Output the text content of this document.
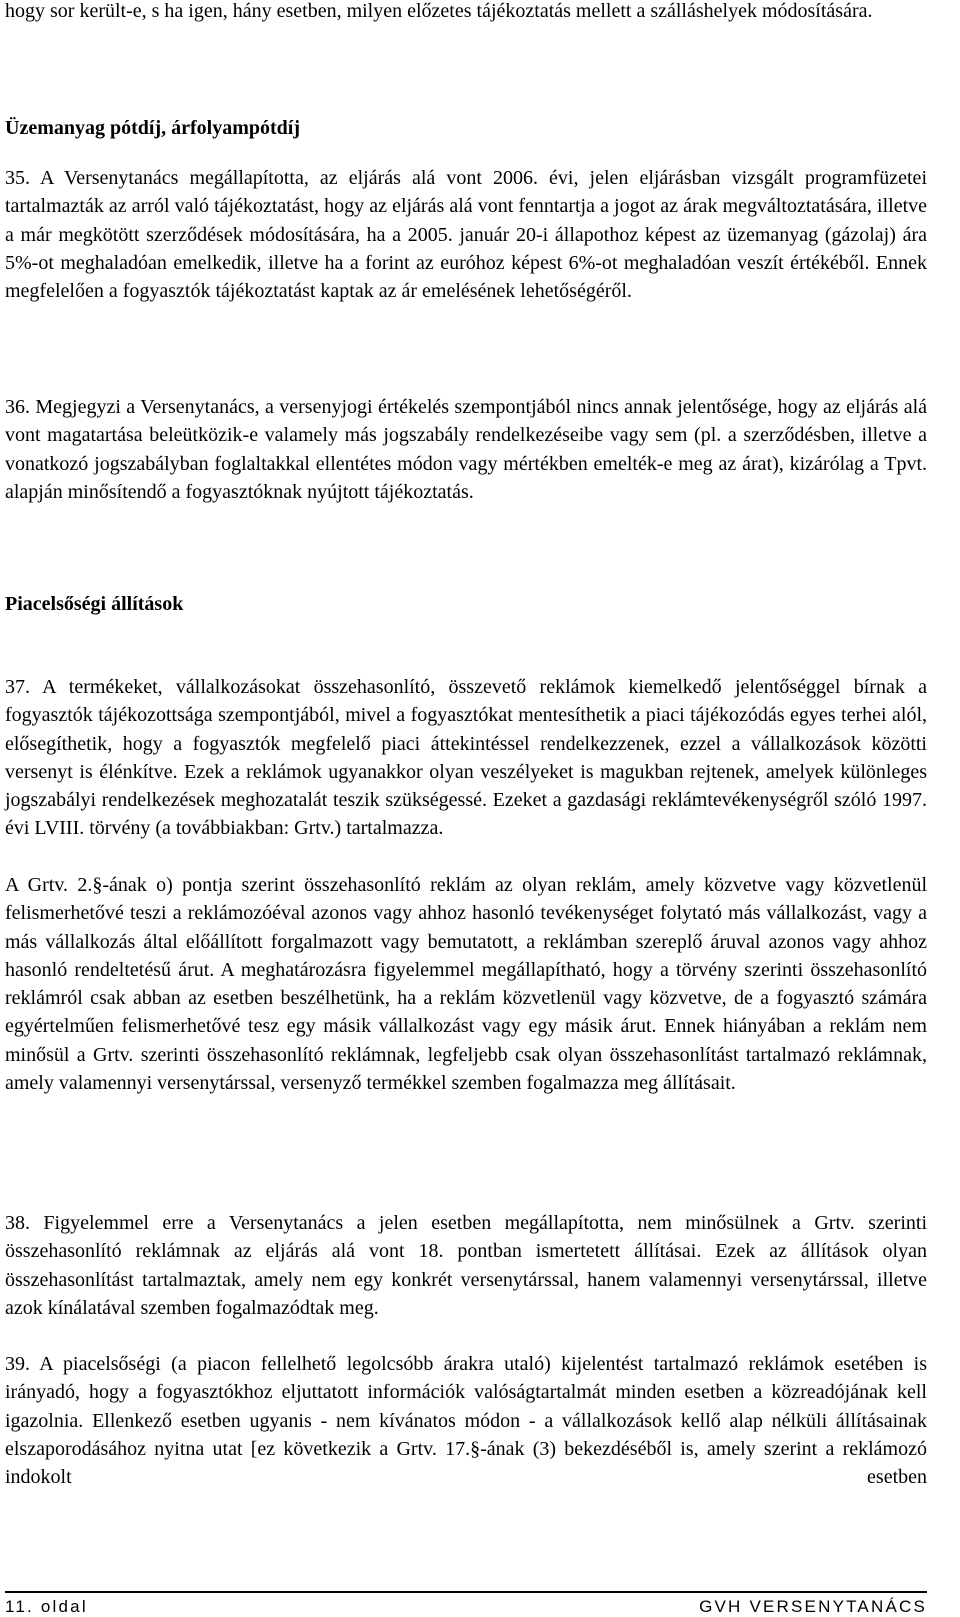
hogy sor került-e, s ha igen, hány esetben, milyen előzetes tájékoztatás mellett a szálláshelyek módosítására.

Üzemanyag pótdíj, árfolyampótdíj

35. A Versenytanács megállapította, az eljárás alá vont 2006. évi, jelen eljárásban vizsgált programfüzetei tartalmazták az arról való tájékoztatást, hogy az eljárás alá vont fenntartja a jogot az árak megváltoztatására, illetve a már megkötött szerződések módosítására, ha a 2005. január 20-i állapothoz képest az üzemanyag (gázolaj) ára 5%-ot meghaladóan emelkedik, illetve ha a forint az euróhoz képest 6%-ot meghaladóan veszít értékéből. Ennek megfelelően a fogyasztók tájékoztatást kaptak az ár emelésének lehetőségéről.

36. Megjegyzi a Versenytanács, a versenyjogi értékelés szempontjából nincs annak jelentősége, hogy az eljárás alá vont magatartása beleütközik-e valamely más jogszabály rendelkezéseibe vagy sem (pl. a szerződésben, illetve a vonatkozó jogszabályban foglaltakkal ellentétes módon vagy mértékben emelték-e meg az árat), kizárólag a Tpvt. alapján minősítendő a fogyasztóknak nyújtott tájékoztatás.

Piacelsőségi állítások

37. A termékeket, vállalkozásokat összehasonlító, összevető reklámok kiemelkedő jelentőséggel bírnak a fogyasztók tájékozottsága szempontjából, mivel a fogyasztókat mentesíthetik a piaci tájékozódás egyes terhei alól, elősegíthetik, hogy a fogyasztók megfelelő piaci áttekintéssel rendelkezzenek, ezzel a vállalkozások közötti versenyt is élénkítve. Ezek a reklámok ugyanakkor olyan veszélyeket is magukban rejtenek, amelyek különleges jogszabályi rendelkezések meghozatalát teszik szükségessé. Ezeket a gazdasági reklámtevékenységről szóló 1997. évi LVIII. törvény (a továbbiakban: Grtv.) tartalmazza.

A Grtv. 2.§-ának o) pontja szerint összehasonlító reklám az olyan reklám, amely közvetve vagy közvetlenül felismerhetővé teszi a reklámozóéval azonos vagy ahhoz hasonló tevékenységet folytató más vállalkozást, vagy a más vállalkozás által előállított forgalmazott vagy bemutatott, a reklámban szereplő áruval azonos vagy ahhoz hasonló rendeltetésű árut. A meghatározásra figyelemmel megállapítható, hogy a törvény szerinti összehasonlító reklámról csak abban az esetben beszélhetünk, ha a reklám közvetlenül vagy közvetve, de a fogyasztó számára egyértelműen felismerhetővé tesz egy másik vállalkozást vagy egy másik árut. Ennek hiányában a reklám nem minősül a Grtv. szerinti összehasonlító reklámnak, legfeljebb csak olyan összehasonlítást tartalmazó reklámnak, amely valamennyi versenytárssal, versenyző termékkel szemben fogalmazza meg állításait.

38. Figyelemmel erre a Versenytanács a jelen esetben megállapította, nem minősülnek a Grtv. szerinti összehasonlító reklámnak az eljárás alá vont 18. pontban ismertetett állításai. Ezek az állítások olyan összehasonlítást tartalmaztak, amely nem egy konkrét versenytárssal, hanem valamennyi versenytárssal, illetve azok kínálatával szemben fogalmazódtak meg.

39. A piacelsőségi (a piacon fellelhető legolcsóbb árakra utaló) kijelentést tartalmazó reklámok esetében is irányadó, hogy a fogyasztókhoz eljuttatott információk valóságtartalmát minden esetben a közreadójának kell igazolnia. Ellenkező esetben ugyanis - nem kívánatos módon - a vállalkozások kellő alap nélküli állításainak elszaporodásához nyitna utat [ez következik a Grtv. 17.§-ának (3) bekezdéséből is, amely szerint a reklámozó indokolt esetben

11. oldal	GVH VERSENYTANÁCS
